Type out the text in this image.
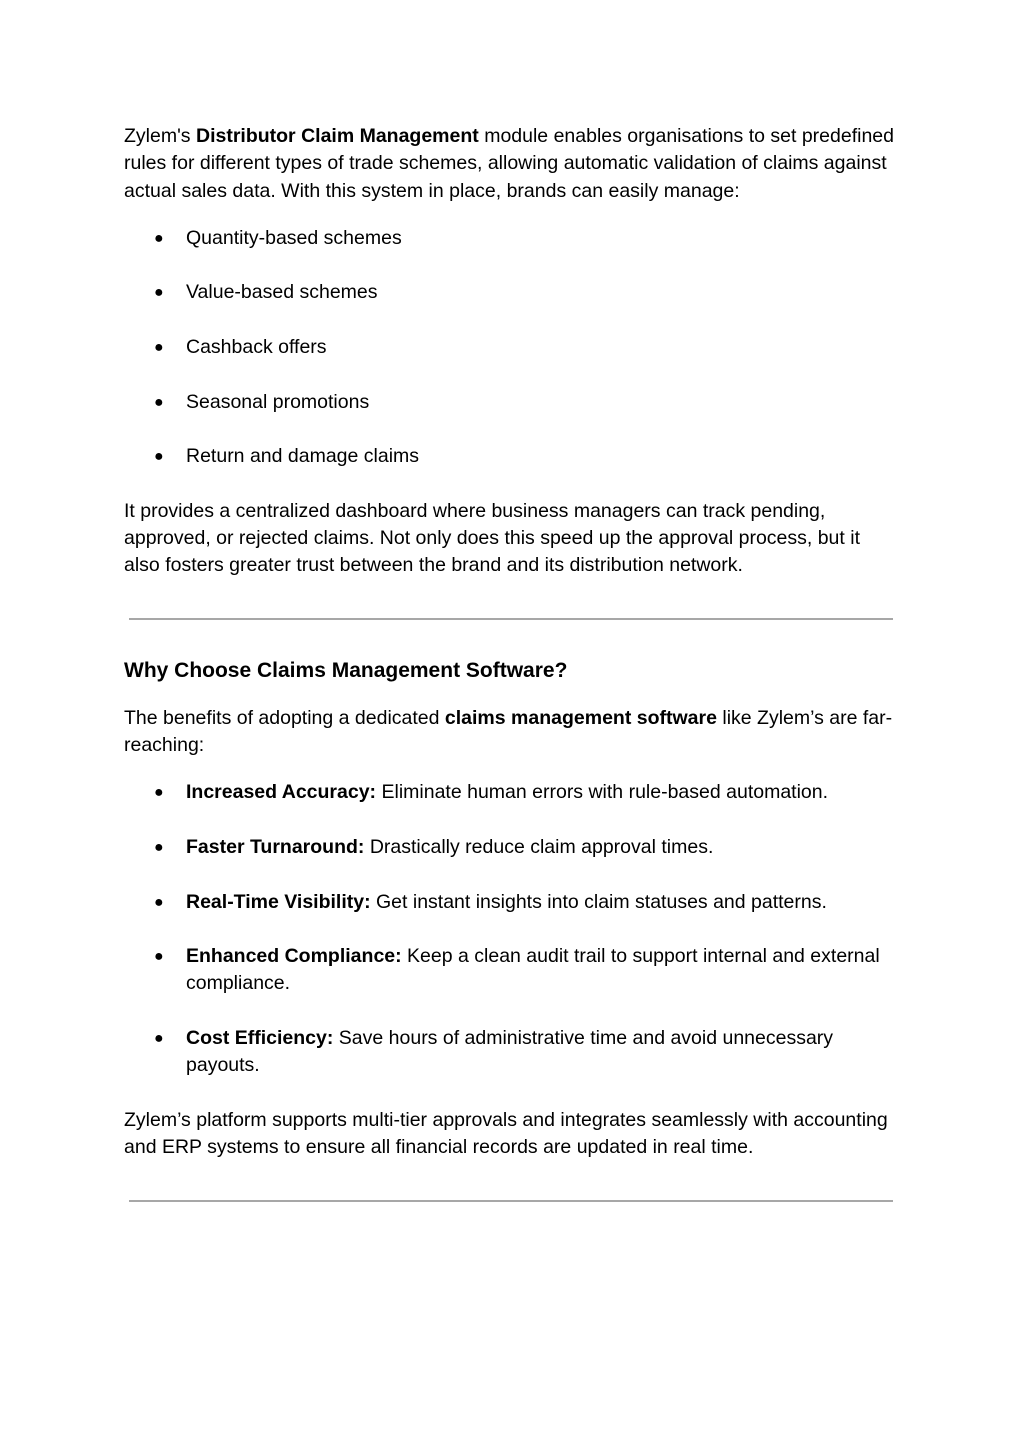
Zylem's Distributor Claim Management module enables organisations to set predefined rules for different types of trade schemes, allowing automatic validation of claims against actual sales data. With this system in place, brands can easily manage:

● Quantity-based schemes
● Value-based schemes
● Cashback offers
● Seasonal promotions
● Return and damage claims

It provides a centralized dashboard where business managers can track pending, approved, or rejected claims. Not only does this speed up the approval process, but it also fosters greater trust between the brand and its distribution network.

Why Choose Claims Management Software?

The benefits of adopting a dedicated claims management software like Zylem’s are far-reaching:

● Increased Accuracy: Eliminate human errors with rule-based automation.
● Faster Turnaround: Drastically reduce claim approval times.
● Real-Time Visibility: Get instant insights into claim statuses and patterns.
● Enhanced Compliance: Keep a clean audit trail to support internal and external compliance.
● Cost Efficiency: Save hours of administrative time and avoid unnecessary payouts.

Zylem’s platform supports multi-tier approvals and integrates seamlessly with accounting and ERP systems to ensure all financial records are updated in real time.
